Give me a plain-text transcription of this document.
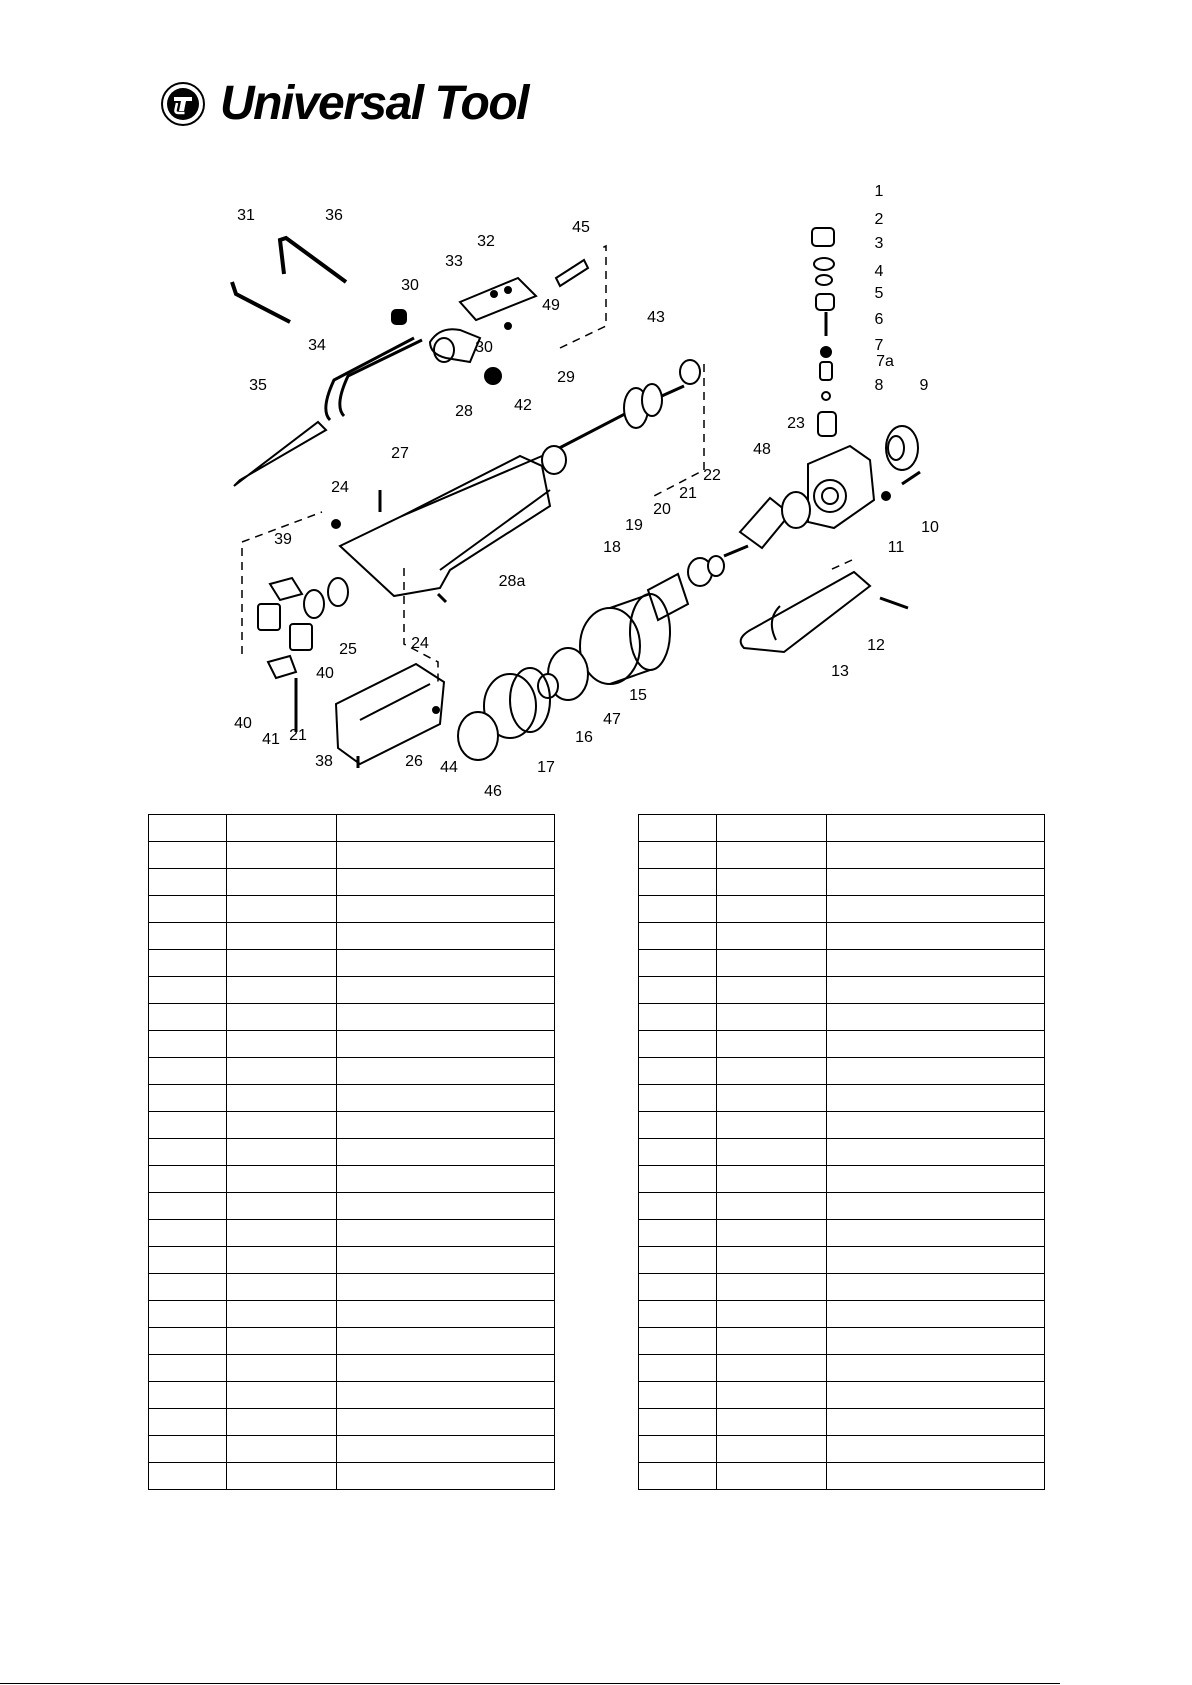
Universal Tool
1
2
3
4
5
6
7
7a
8 9
10
11
12
13
15
16
17
18
19
20
21
21
22
23
24
24
25
26
27
28
28a
29
30
30
31
32
33
34
35
36
38
39
40
40
41
42
43
44
45
46
47
48
49
